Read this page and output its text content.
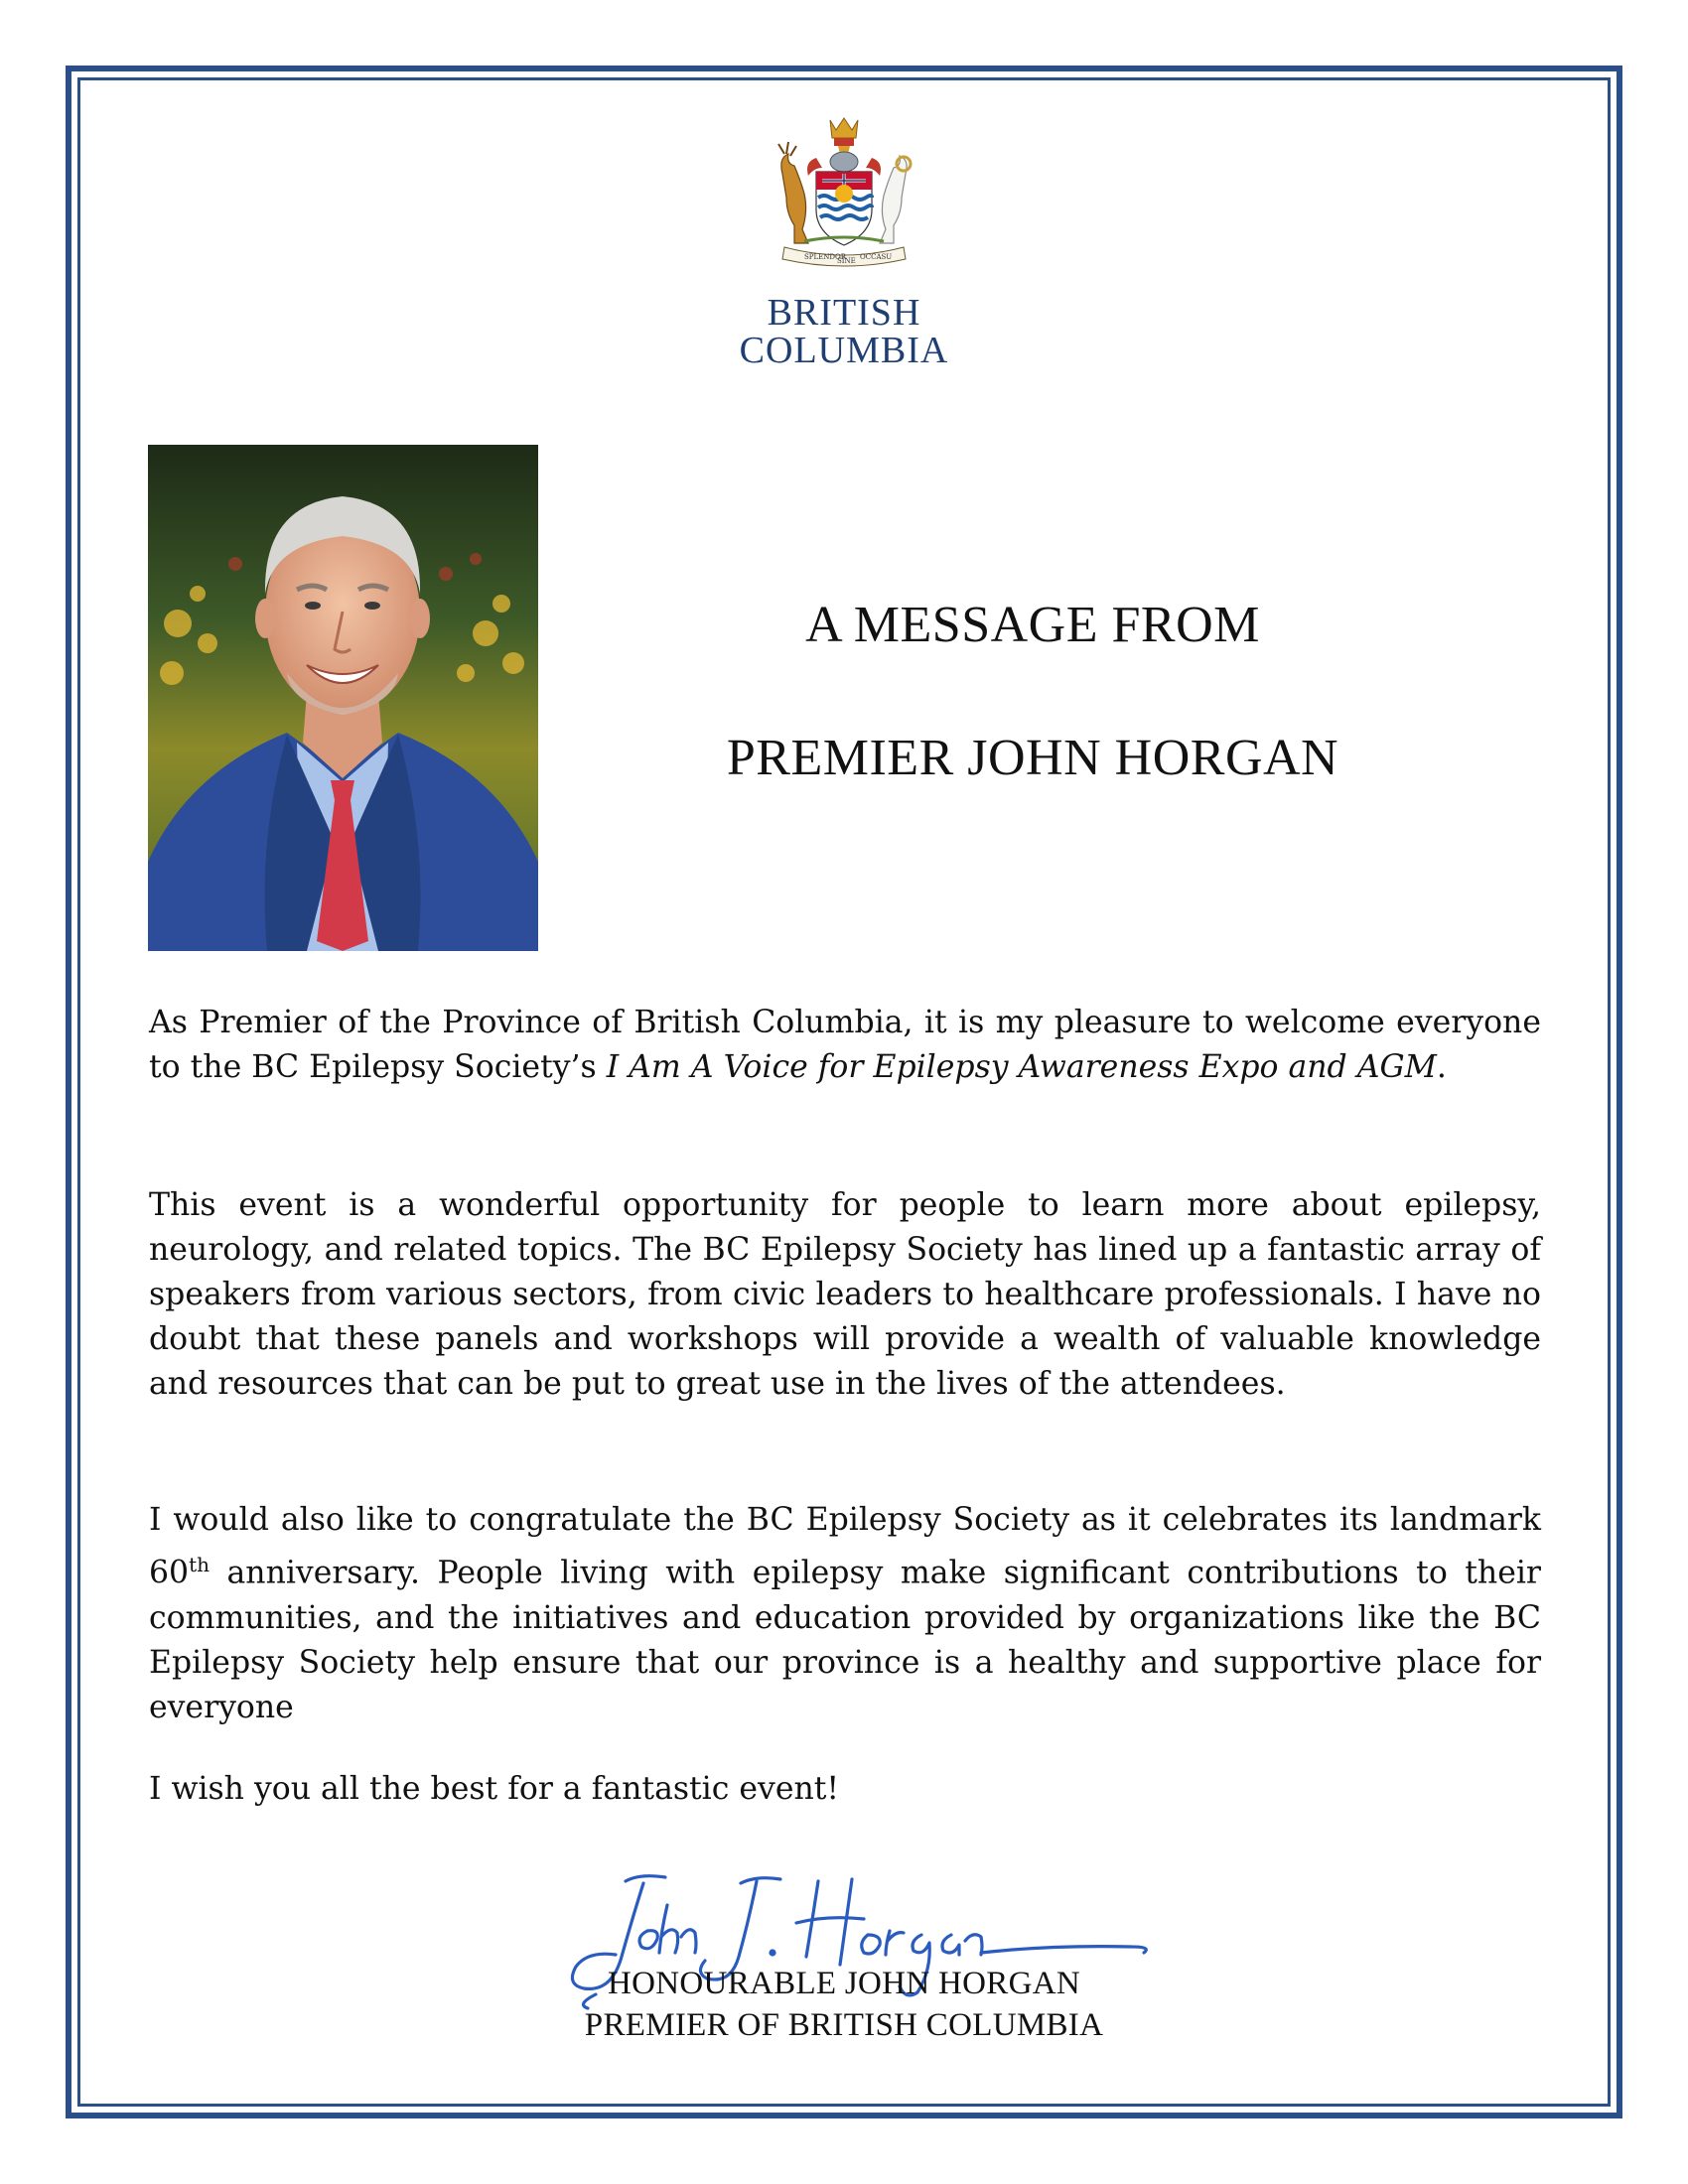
SPLENDOR
SINE OCCASU
BRITISH
COLUMBIA
A MESSAGE FROM
PREMIER JOHN HORGAN

As Premier of the Province of British Columbia, it is my pleasure to welcome everyone to the BC Epilepsy Society’s I Am A Voice for Epilepsy Awareness Expo and AGM.

This event is a wonderful opportunity for people to learn more about epilepsy, neurology, and related topics. The BC Epilepsy Society has lined up a fantastic array of speakers from various sectors, from civic leaders to healthcare professionals. I have no doubt that these panels and workshops will provide a wealth of valuable knowledge and resources that can be put to great use in the lives of the attendees.

I would also like to congratulate the BC Epilepsy Society as it celebrates its landmark 60th anniversary. People living with epilepsy make significant contributions to their communities, and the initiatives and education provided by organizations like the BC Epilepsy Society help ensure that our province is a healthy and supportive place for everyone

I wish you all the best for a fantastic event!

HONOURABLE JOHN HORGAN
PREMIER OF BRITISH COLUMBIA
